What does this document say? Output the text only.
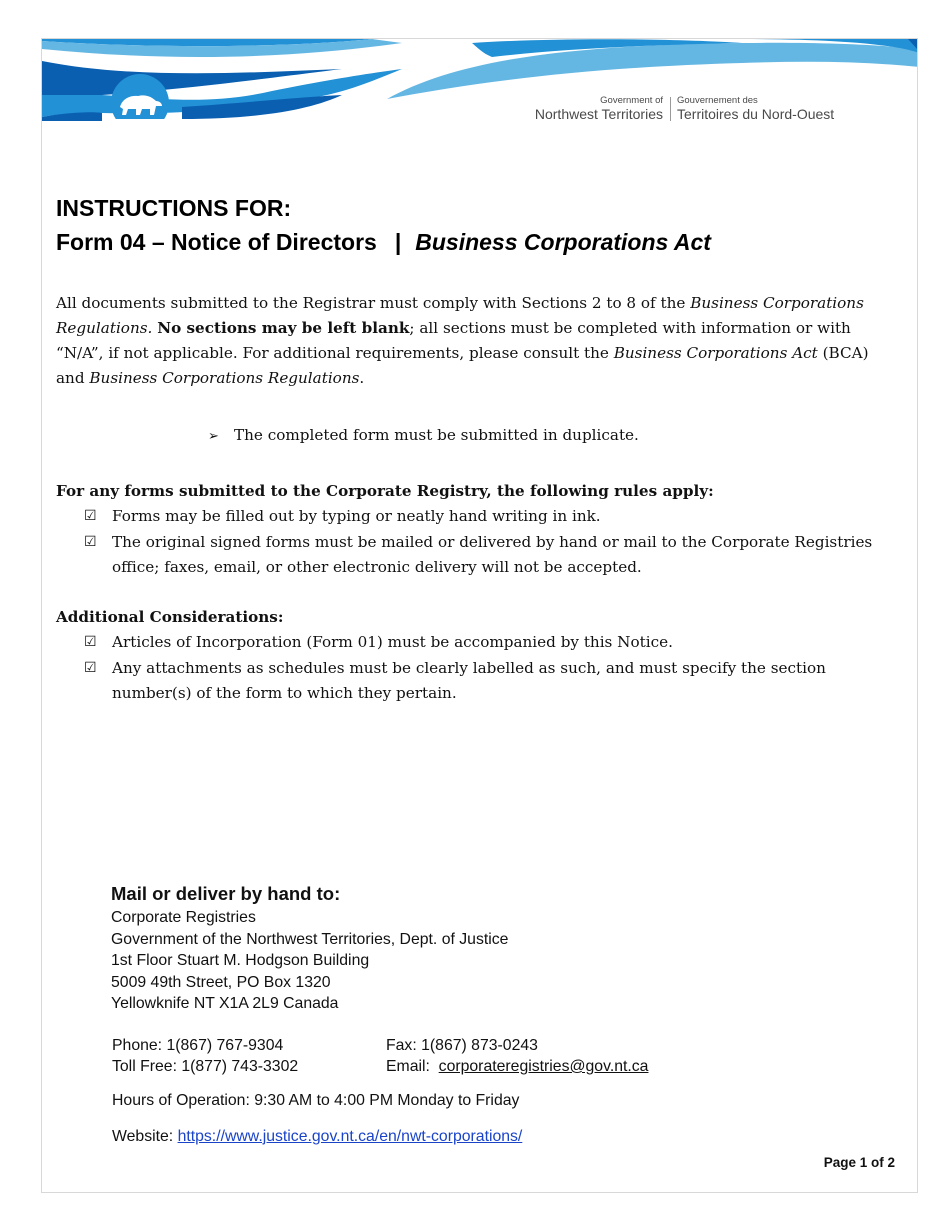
Government of
Northwest Territories
Gouvernement des
Territoires du Nord-Ouest
INSTRUCTIONS FOR:
Form 04 – Notice of Directors | Business Corporations Act
All documents submitted to the Registrar must comply with Sections 2 to 8 of the Business Corporations Regulations. No sections may be left blank; all sections must be completed with information or with “N/A”, if not applicable. For additional requirements, please consult the Business Corporations Act (BCA) and Business Corporations Regulations.
➢ The completed form must be submitted in duplicate.
For any forms submitted to the Corporate Registry, the following rules apply:
☑ Forms may be filled out by typing or neatly hand writing in ink.
☑ The original signed forms must be mailed or delivered by hand or mail to the Corporate Registries office; faxes, email, or other electronic delivery will not be accepted.
Additional Considerations:
☑ Articles of Incorporation (Form 01) must be accompanied by this Notice.
☑ Any attachments as schedules must be clearly labelled as such, and must specify the section number(s) of the form to which they pertain.
Mail or deliver by hand to:
Corporate Registries
Government of the Northwest Territories, Dept. of Justice
1st Floor Stuart M. Hodgson Building
5009 49th Street, PO Box 1320
Yellowknife NT X1A 2L9 Canada
Phone: 1(867) 767-9304
Toll Free: 1(877) 743-3302
Fax: 1(867) 873-0243
Email: corporateregistries@gov.nt.ca
Hours of Operation: 9:30 AM to 4:00 PM Monday to Friday
Website: https://www.justice.gov.nt.ca/en/nwt-corporations/
Page 1 of 2
